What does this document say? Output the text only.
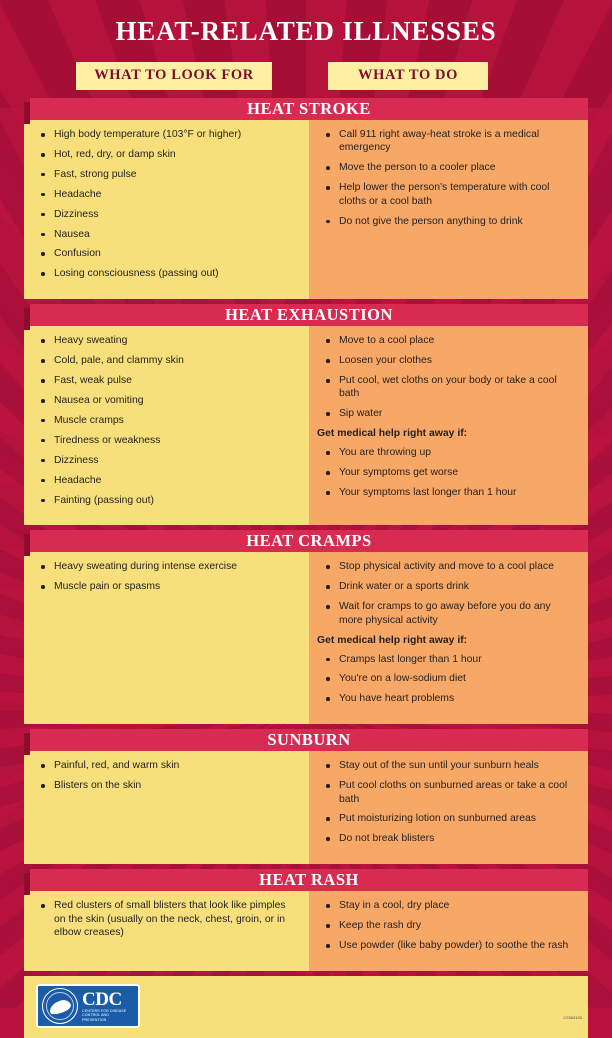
HEAT-RELATED ILLNESSES
WHAT TO LOOK FOR	WHAT TO DO
HEAT STROKE
High body temperature (103°F or higher)
Hot, red, dry, or damp skin
Fast, strong pulse
Headache
Dizziness
Nausea
Confusion
Losing consciousness (passing out)
Call 911 right away-heat stroke is a medical emergency
Move the person to a cooler place
Help lower the person's temperature with cool cloths or a cool bath
Do not give the person anything to drink
HEAT EXHAUSTION
Heavy sweating
Cold, pale, and clammy skin
Fast, weak pulse
Nausea or vomiting
Muscle cramps
Tiredness or weakness
Dizziness
Headache
Fainting (passing out)
Move to a cool place
Loosen your clothes
Put cool, wet cloths on your body or take a cool bath
Sip water
Get medical help right away if:
You are throwing up
Your symptoms get worse
Your symptoms last longer than 1 hour
HEAT CRAMPS
Heavy sweating during intense exercise
Muscle pain or spasms
Stop physical activity and move to a cool place
Drink water or a sports drink
Wait for cramps to go away before you do any more physical activity
Get medical help right away if:
Cramps last longer than 1 hour
You're on a low-sodium diet
You have heart problems
SUNBURN
Painful, red, and warm skin
Blisters on the skin
Stay out of the sun until your sunburn heals
Put cool cloths on sunburned areas or take a cool bath
Put moisturizing lotion on sunburned areas
Do not break blisters
HEAT RASH
Red clusters of small blisters that look like pimples on the skin (usually on the neck, chest, groin, or in elbow creases)
Stay in a cool, dry place
Keep the rash dry
Use powder (like baby powder) to soothe the rash
CDC
CENTERS FOR DISEASE CONTROL AND PREVENTION	CS363103
